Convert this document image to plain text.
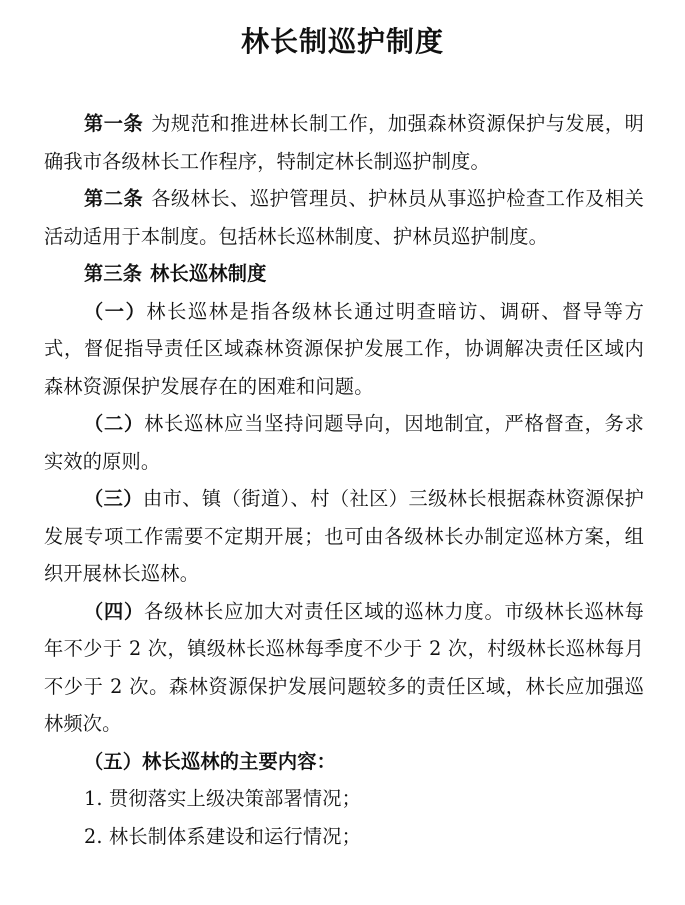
林长制巡护制度

第一条 为规范和推进林长制工作，加强森林资源保护与发展，明确我市各级林长工作程序，特制定林长制巡护制度。

第二条 各级林长、巡护管理员、护林员从事巡护检查工作及相关活动适用于本制度。包括林长巡林制度、护林员巡护制度。

第三条 林长巡林制度

（一）林长巡林是指各级林长通过明查暗访、调研、督导等方式，督促指导责任区域森林资源保护发展工作，协调解决责任区域内森林资源保护发展存在的困难和问题。

（二）林长巡林应当坚持问题导向，因地制宜，严格督查，务求实效的原则。

（三）由市、镇（街道）、村（社区）三级林长根据森林资源保护发展专项工作需要不定期开展；也可由各级林长办制定巡林方案，组织开展林长巡林。

（四）各级林长应加大对责任区域的巡林力度。市级林长巡林每年不少于 2 次，镇级林长巡林每季度不少于 2 次，村级林长巡林每月不少于 2 次。森林资源保护发展问题较多的责任区域，林长应加强巡林频次。

（五）林长巡林的主要内容：

1. 贯彻落实上级决策部署情况；

2. 林长制体系建设和运行情况；
